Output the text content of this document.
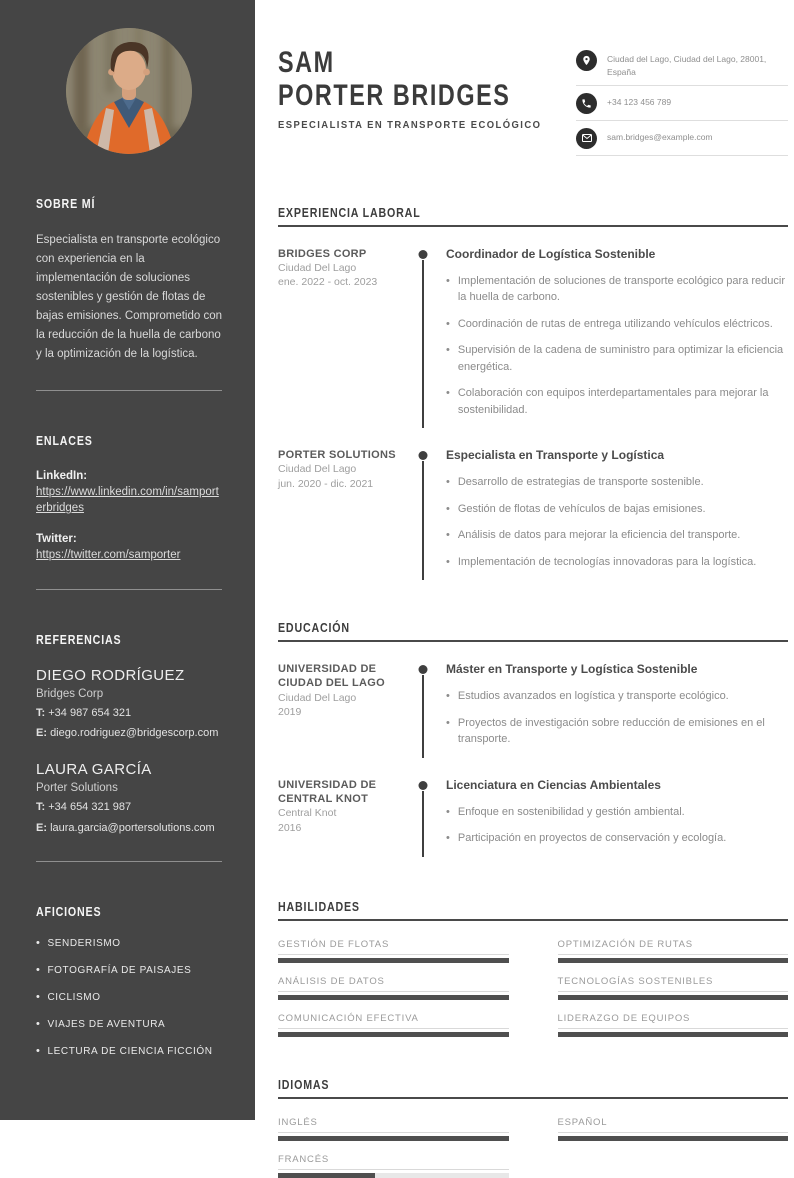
SOBRE MÍ

Especialista en transporte ecológico con experiencia en la implementación de soluciones sostenibles y gestión de flotas de bajas emisiones. Comprometido con la reducción de la huella de carbono y la optimización de la logística.

ENLACES
LinkedIn:
https://www.linkedin.com/in/samporterbridges
Twitter:
https://twitter.com/samporter
REFERENCIAS
DIEGO RODRÍGUEZ
Bridges Corp
T: +34 987 654 321
E: diego.rodriguez@bridgescorp.com
LAURA GARCÍA
Porter Solutions
T: +34 654 321 987
E: laura.garcia@portersolutions.com
AFICIONES
• SENDERISMO
• FOTOGRAFÍA DE PAISAJES
• CICLISMO
• VIAJES DE AVENTURA
• LECTURA DE CIENCIA FICCIÓN
SAM
PORTER BRIDGES
ESPECIALISTA EN TRANSPORTE ECOLÓGICO
Ciudad del Lago, Ciudad del Lago, 28001, España
+34 123 456 789
sam.bridges@example.com
EXPERIENCIA LABORAL
BRIDGES CORP
Ciudad Del Lago
ene. 2022 - oct. 2023
Coordinador de Logística Sostenible
• Implementación de soluciones de transporte ecológico para reducir la huella de carbono.
• Coordinación de rutas de entrega utilizando vehículos eléctricos.
• Supervisión de la cadena de suministro para optimizar la eficiencia energética.
• Colaboración con equipos interdepartamentales para mejorar la sostenibilidad.
PORTER SOLUTIONS
Ciudad Del Lago
jun. 2020 - dic. 2021
Especialista en Transporte y Logística
• Desarrollo de estrategias de transporte sostenible.
• Gestión de flotas de vehículos de bajas emisiones.
• Análisis de datos para mejorar la eficiencia del transporte.
• Implementación de tecnologías innovadoras para la logística.
EDUCACIÓN
UNIVERSIDAD DE CIUDAD DEL LAGO
Ciudad Del Lago
2019
Máster en Transporte y Logística Sostenible
• Estudios avanzados en logística y transporte ecológico.
• Proyectos de investigación sobre reducción de emisiones en el transporte.
UNIVERSIDAD DE CENTRAL KNOT
Central Knot
2016
Licenciatura en Ciencias Ambientales
• Enfoque en sostenibilidad y gestión ambiental.
• Participación en proyectos de conservación y ecología.
HABILIDADES
GESTIÓN DE FLOTAS	OPTIMIZACIÓN DE RUTAS
ANÁLISIS DE DATOS	TECNOLOGÍAS SOSTENIBLES
COMUNICACIÓN EFECTIVA	LIDERAZGO DE EQUIPOS
IDIOMAS
INGLÉS	ESPAÑOL
FRANCÉS
